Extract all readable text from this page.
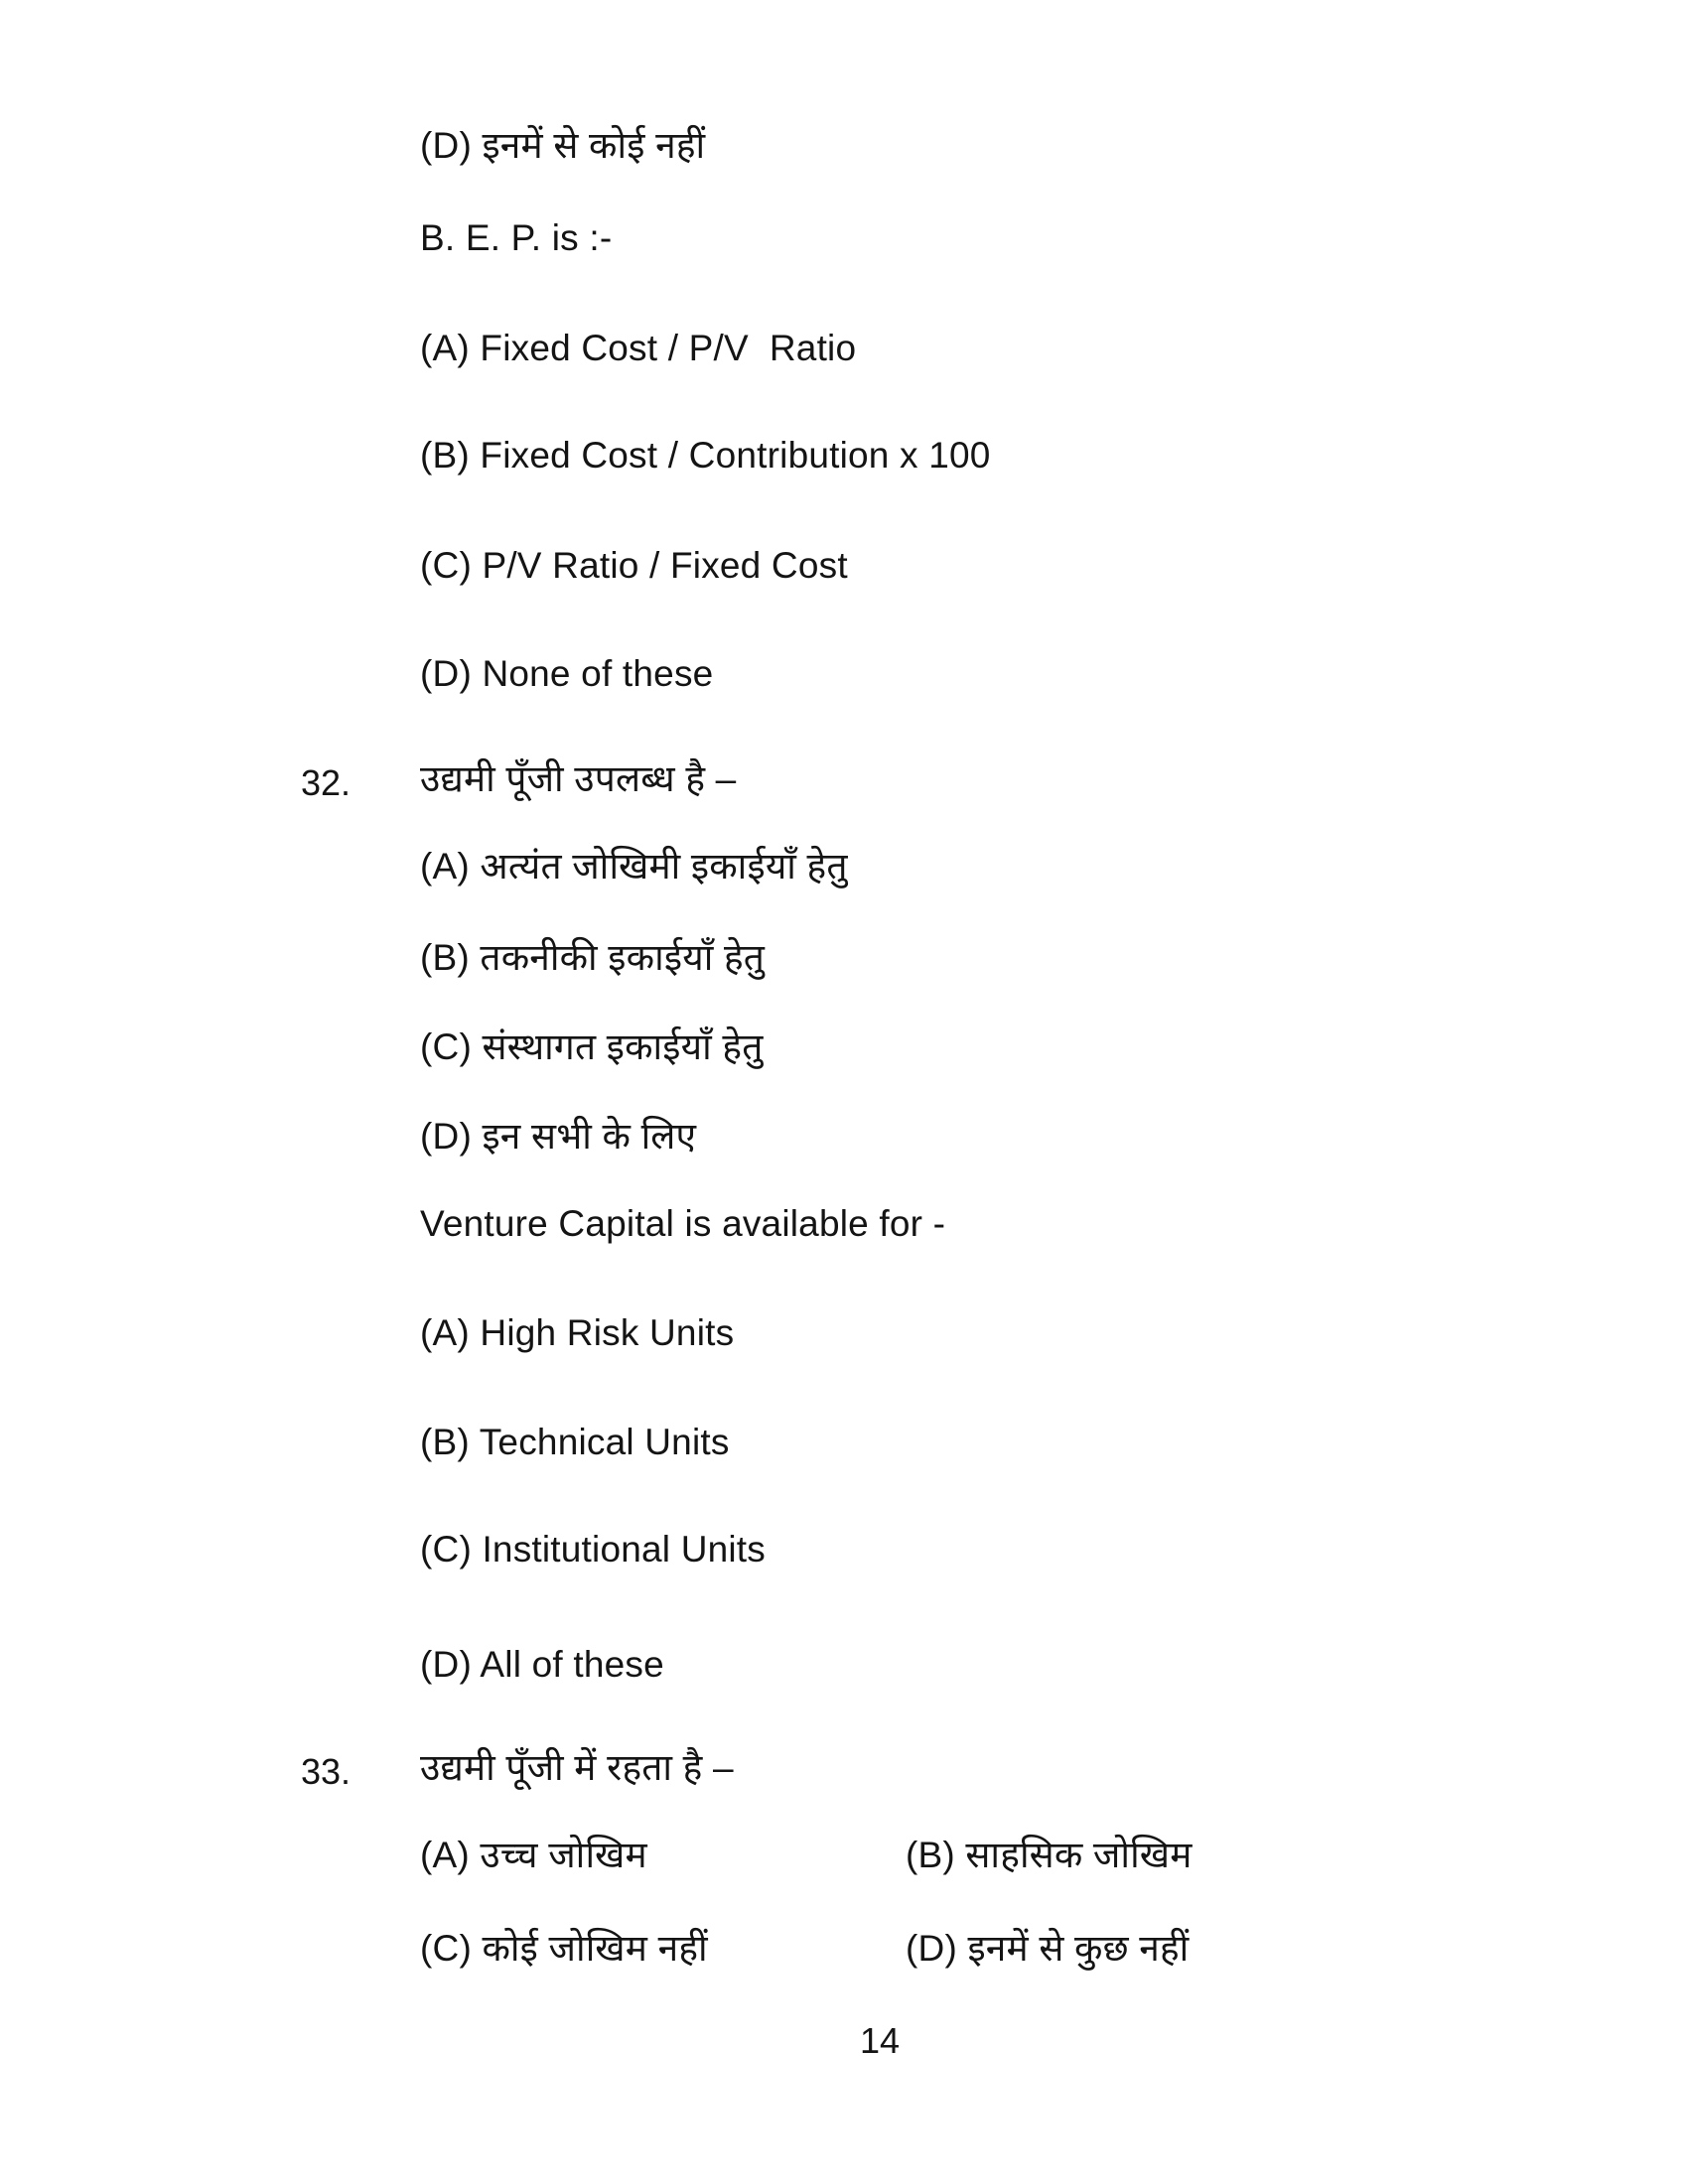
(D) इनमें से कोई नहीं
B. E. P. is :-
(A) Fixed Cost / P/V  Ratio
(B) Fixed Cost / Contribution x 100
(C) P/V Ratio / Fixed Cost
(D) None of these
32. उद्यमी पूँजी उपलब्ध है –
(A) अत्यंत जोखिमी इकाईयाँ हेतु
(B) तकनीकी इकाईयाँ हेतु
(C) संस्थागत इकाईयाँ हेतु
(D) इन सभी के लिए
Venture Capital is available for -
(A) High Risk Units
(B) Technical Units
(C) Institutional Units
(D) All of these
33. उद्यमी पूँजी में रहता है –
(A) उच्च जोखिम	(B) साहसिक जोखिम
(C) कोई जोखिम नहीं	(D) इनमें से कुछ नहीं
14
